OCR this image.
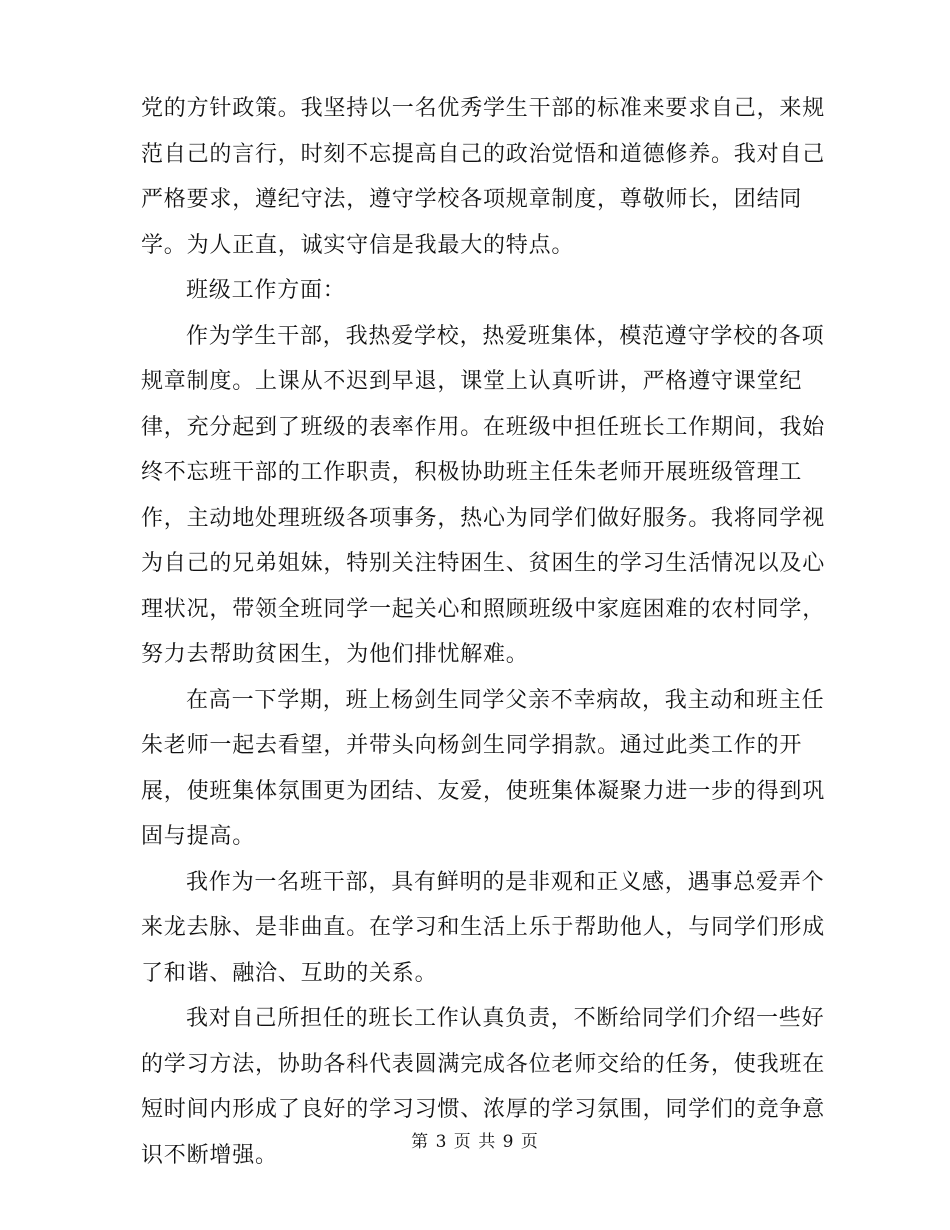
党的方针政策。我坚持以一名优秀学生干部的标准来要求自己，来规
范自己的言行，时刻不忘提高自己的政治觉悟和道德修养。我对自己
严格要求，遵纪守法，遵守学校各项规章制度，尊敬师长，团结同
学。为人正直，诚实守信是我最大的特点。
班级工作方面：
作为学生干部，我热爱学校，热爱班集体，模范遵守学校的各项
规章制度。上课从不迟到早退，课堂上认真听讲，严格遵守课堂纪
律，充分起到了班级的表率作用。在班级中担任班长工作期间，我始
终不忘班干部的工作职责，积极协助班主任朱老师开展班级管理工
作，主动地处理班级各项事务，热心为同学们做好服务。我将同学视
为自己的兄弟姐妹，特别关注特困生、贫困生的学习生活情况以及心
理状况，带领全班同学一起关心和照顾班级中家庭困难的农村同学，
努力去帮助贫困生，为他们排忧解难。
在高一下学期，班上杨剑生同学父亲不幸病故，我主动和班主任
朱老师一起去看望，并带头向杨剑生同学捐款。通过此类工作的开
展，使班集体氛围更为团结、友爱，使班集体凝聚力进一步的得到巩
固与提高。
我作为一名班干部，具有鲜明的是非观和正义感，遇事总爱弄个
来龙去脉、是非曲直。在学习和生活上乐于帮助他人，与同学们形成
了和谐、融洽、互助的关系。
我对自己所担任的班长工作认真负责，不断给同学们介绍一些好
的学习方法，协助各科代表圆满完成各位老师交给的任务，使我班在
短时间内形成了良好的学习习惯、浓厚的学习氛围，同学们的竞争意
识不断增强。
第 3 页 共 9 页
